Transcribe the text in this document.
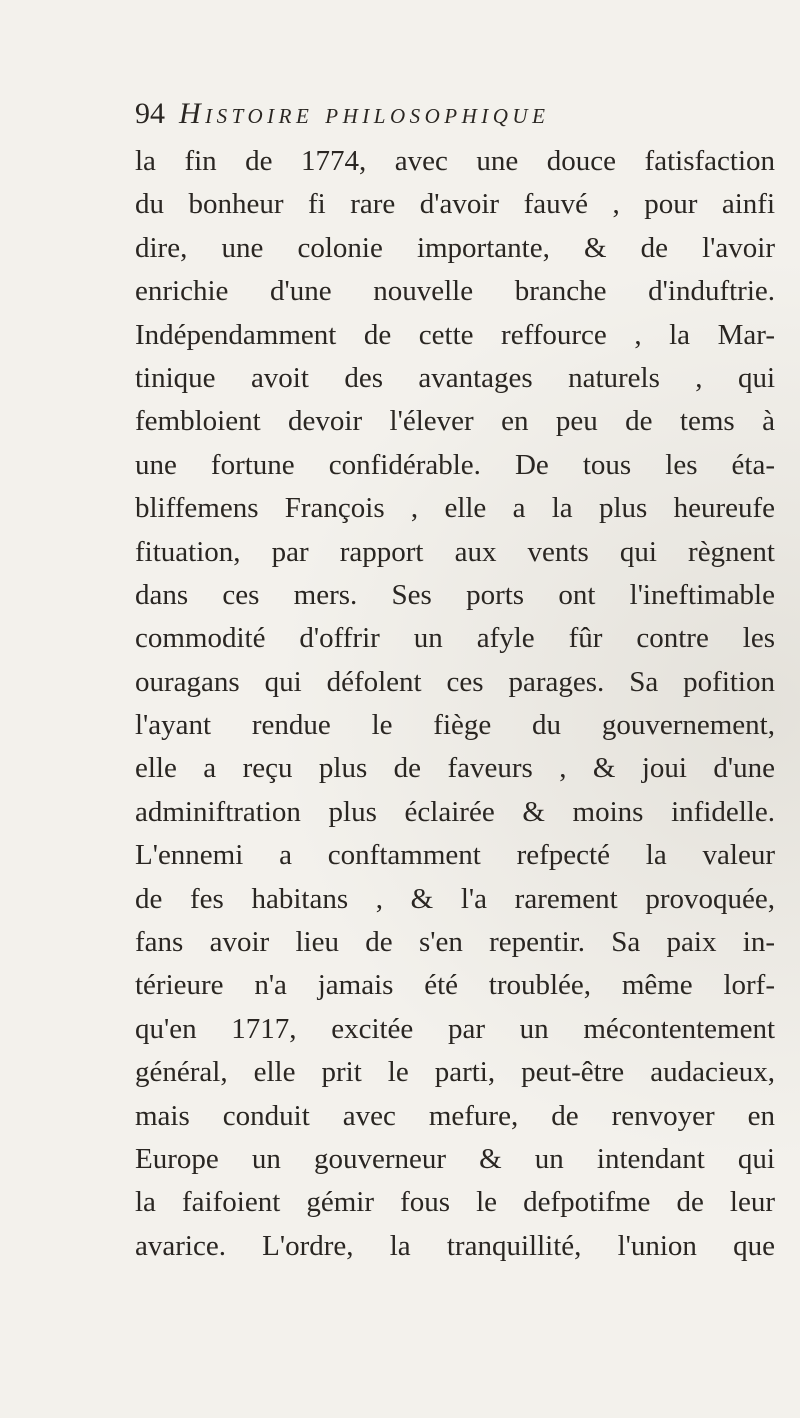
94 Histoire philosophique
la fin de 1774, avec une douce fatisfaction
du bonheur fi rare d'avoir fauvé , pour ainfi
dire, une colonie importante, & de l'avoir
enrichie d'une nouvelle branche d'induftrie.
Indépendamment de cette reffource , la Mar-
tinique avoit des avantages naturels , qui
fembloient devoir l'élever en peu de tems à
une fortune confidérable. De tous les éta-
bliffemens François , elle a la plus heureufe
fituation, par rapport aux vents qui règnent
dans ces mers. Ses ports ont l'ineftimable
commodité d'offrir un afyle fûr contre les
ouragans qui défolent ces parages. Sa pofition
l'ayant rendue le fiège du gouvernement,
elle a reçu plus de faveurs , & joui d'une
adminiftration plus éclairée & moins infidelle.
L'ennemi a conftamment refpecté la valeur
de fes habitans , & l'a rarement provoquée,
fans avoir lieu de s'en repentir. Sa paix in-
térieure n'a jamais été troublée, même lorf-
qu'en 1717, excitée par un mécontentement
général, elle prit le parti, peut-être audacieux,
mais conduit avec mefure, de renvoyer en
Europe un gouverneur & un intendant qui
la faifoient gémir fous le defpotifme de leur
avarice. L'ordre, la tranquillité, l'union que
